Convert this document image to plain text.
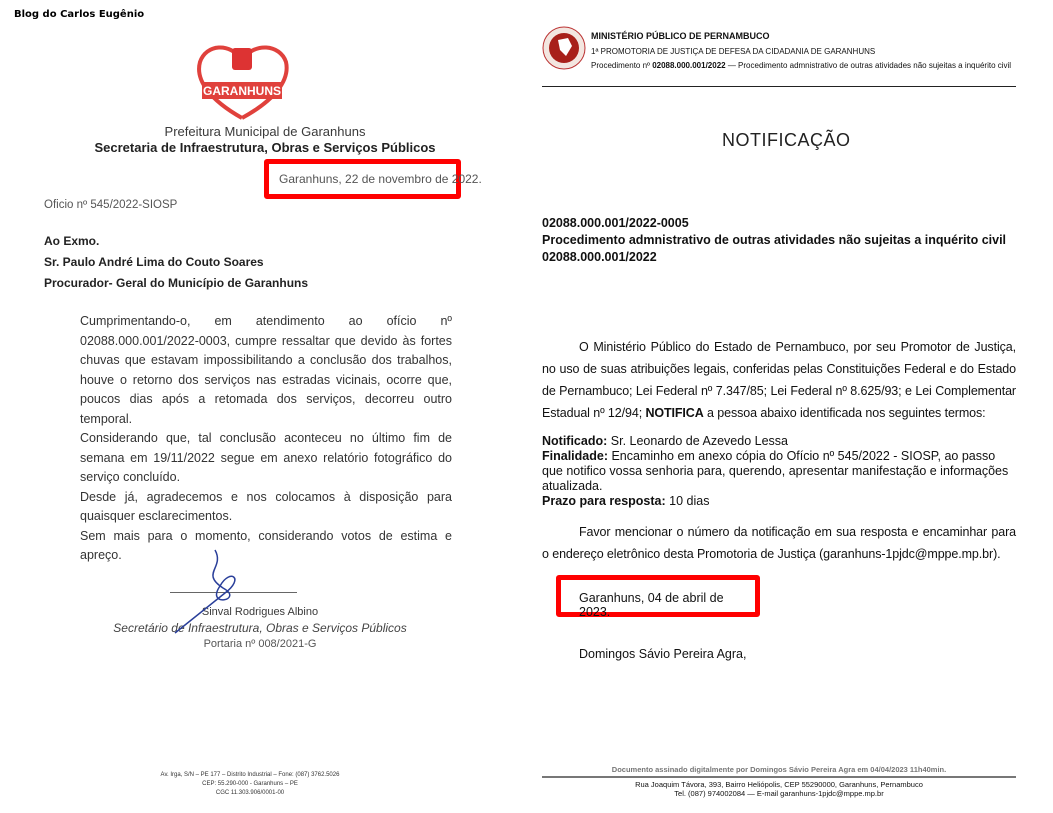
Blog do Carlos Eugênio
GARANHUNS
Prefeitura Municipal de Garanhuns
Secretaria de Infraestrutura, Obras e Serviços Públicos
Garanhuns, 22 de novembro de 2022.
Oficio nº 545/2022-SIOSP
Ao Exmo.
Sr. Paulo André Lima do Couto Soares
Procurador- Geral do Município de Garanhuns

Cumprimentando-o, em atendimento ao ofício nº 02088.000.001/2022-0003, cumpre ressaltar que devido às fortes chuvas que estavam impossibilitando a conclusão dos trabalhos, houve o retorno dos serviços nas estradas vicinais, ocorre que, poucos dias após a retomada dos serviços, decorreu outro temporal.

Considerando que, tal conclusão aconteceu no último fim de semana em 19/11/2022 segue em anexo relatório fotográfico do serviço concluído.

Desde já, agradecemos e nos colocamos à disposição para quaisquer esclarecimentos.

Sem mais para o momento, considerando votos de estima e apreço.

Sinval Rodrigues Albino
Secretário de Infraestrutura, Obras e Serviços Públicos
Portaria nº 008/2021-G
Av. Irga, S/N – PE 177 – Distrito Industrial – Fone: (087) 3762.5026
CEP: 55.290-000 - Garanhuns – PE
CGC 11.303.906/0001-00
MINISTÉRIO PÚBLICO DE PERNAMBUCO
1ª PROMOTORIA DE JUSTIÇA DE DEFESA DA CIDADANIA DE GARANHUNS
Procedimento nº 02088.000.001/2022 — Procedimento admnistrativo de outras atividades não sujeitas a inquérito civil
NOTIFICAÇÃO
02088.000.001/2022-0005
Procedimento admnistrativo de outras atividades não sujeitas a inquérito civil
02088.000.001/2022

O Ministério Público do Estado de Pernambuco, por seu Promotor de Justiça, no uso de suas atribuições legais, conferidas pelas Constituições Federal e do Estado de Pernambuco; Lei Federal nº 7.347/85; Lei Federal nº 8.625/93; e Lei Complementar Estadual nº 12/94; NOTIFICA a pessoa abaixo identificada nos seguintes termos:

Notificado: Sr. Leonardo de Azevedo Lessa
Finalidade: Encaminho em anexo cópia do Ofício nº 545/2022 - SIOSP, ao passo que notifico vossa senhoria para, querendo, apresentar manifestação e informações atualizada.
Prazo para resposta: 10 dias

Favor mencionar o número da notificação em sua resposta e encaminhar para o endereço eletrônico desta Promotoria de Justiça (garanhuns-1pjdc@mppe.mp.br).

Garanhuns, 04 de abril de 2023.
Domingos Sávio Pereira Agra,
Documento assinado digitalmente por Domingos Sávio Pereira Agra em 04/04/2023 11h40min.
Rua Joaquim Távora, 393, Bairro Heliópolis, CEP 55290000, Garanhuns, Pernambuco
Tel. (087) 974002084 — E-mail garanhuns-1pjdc@mppe.mp.br
